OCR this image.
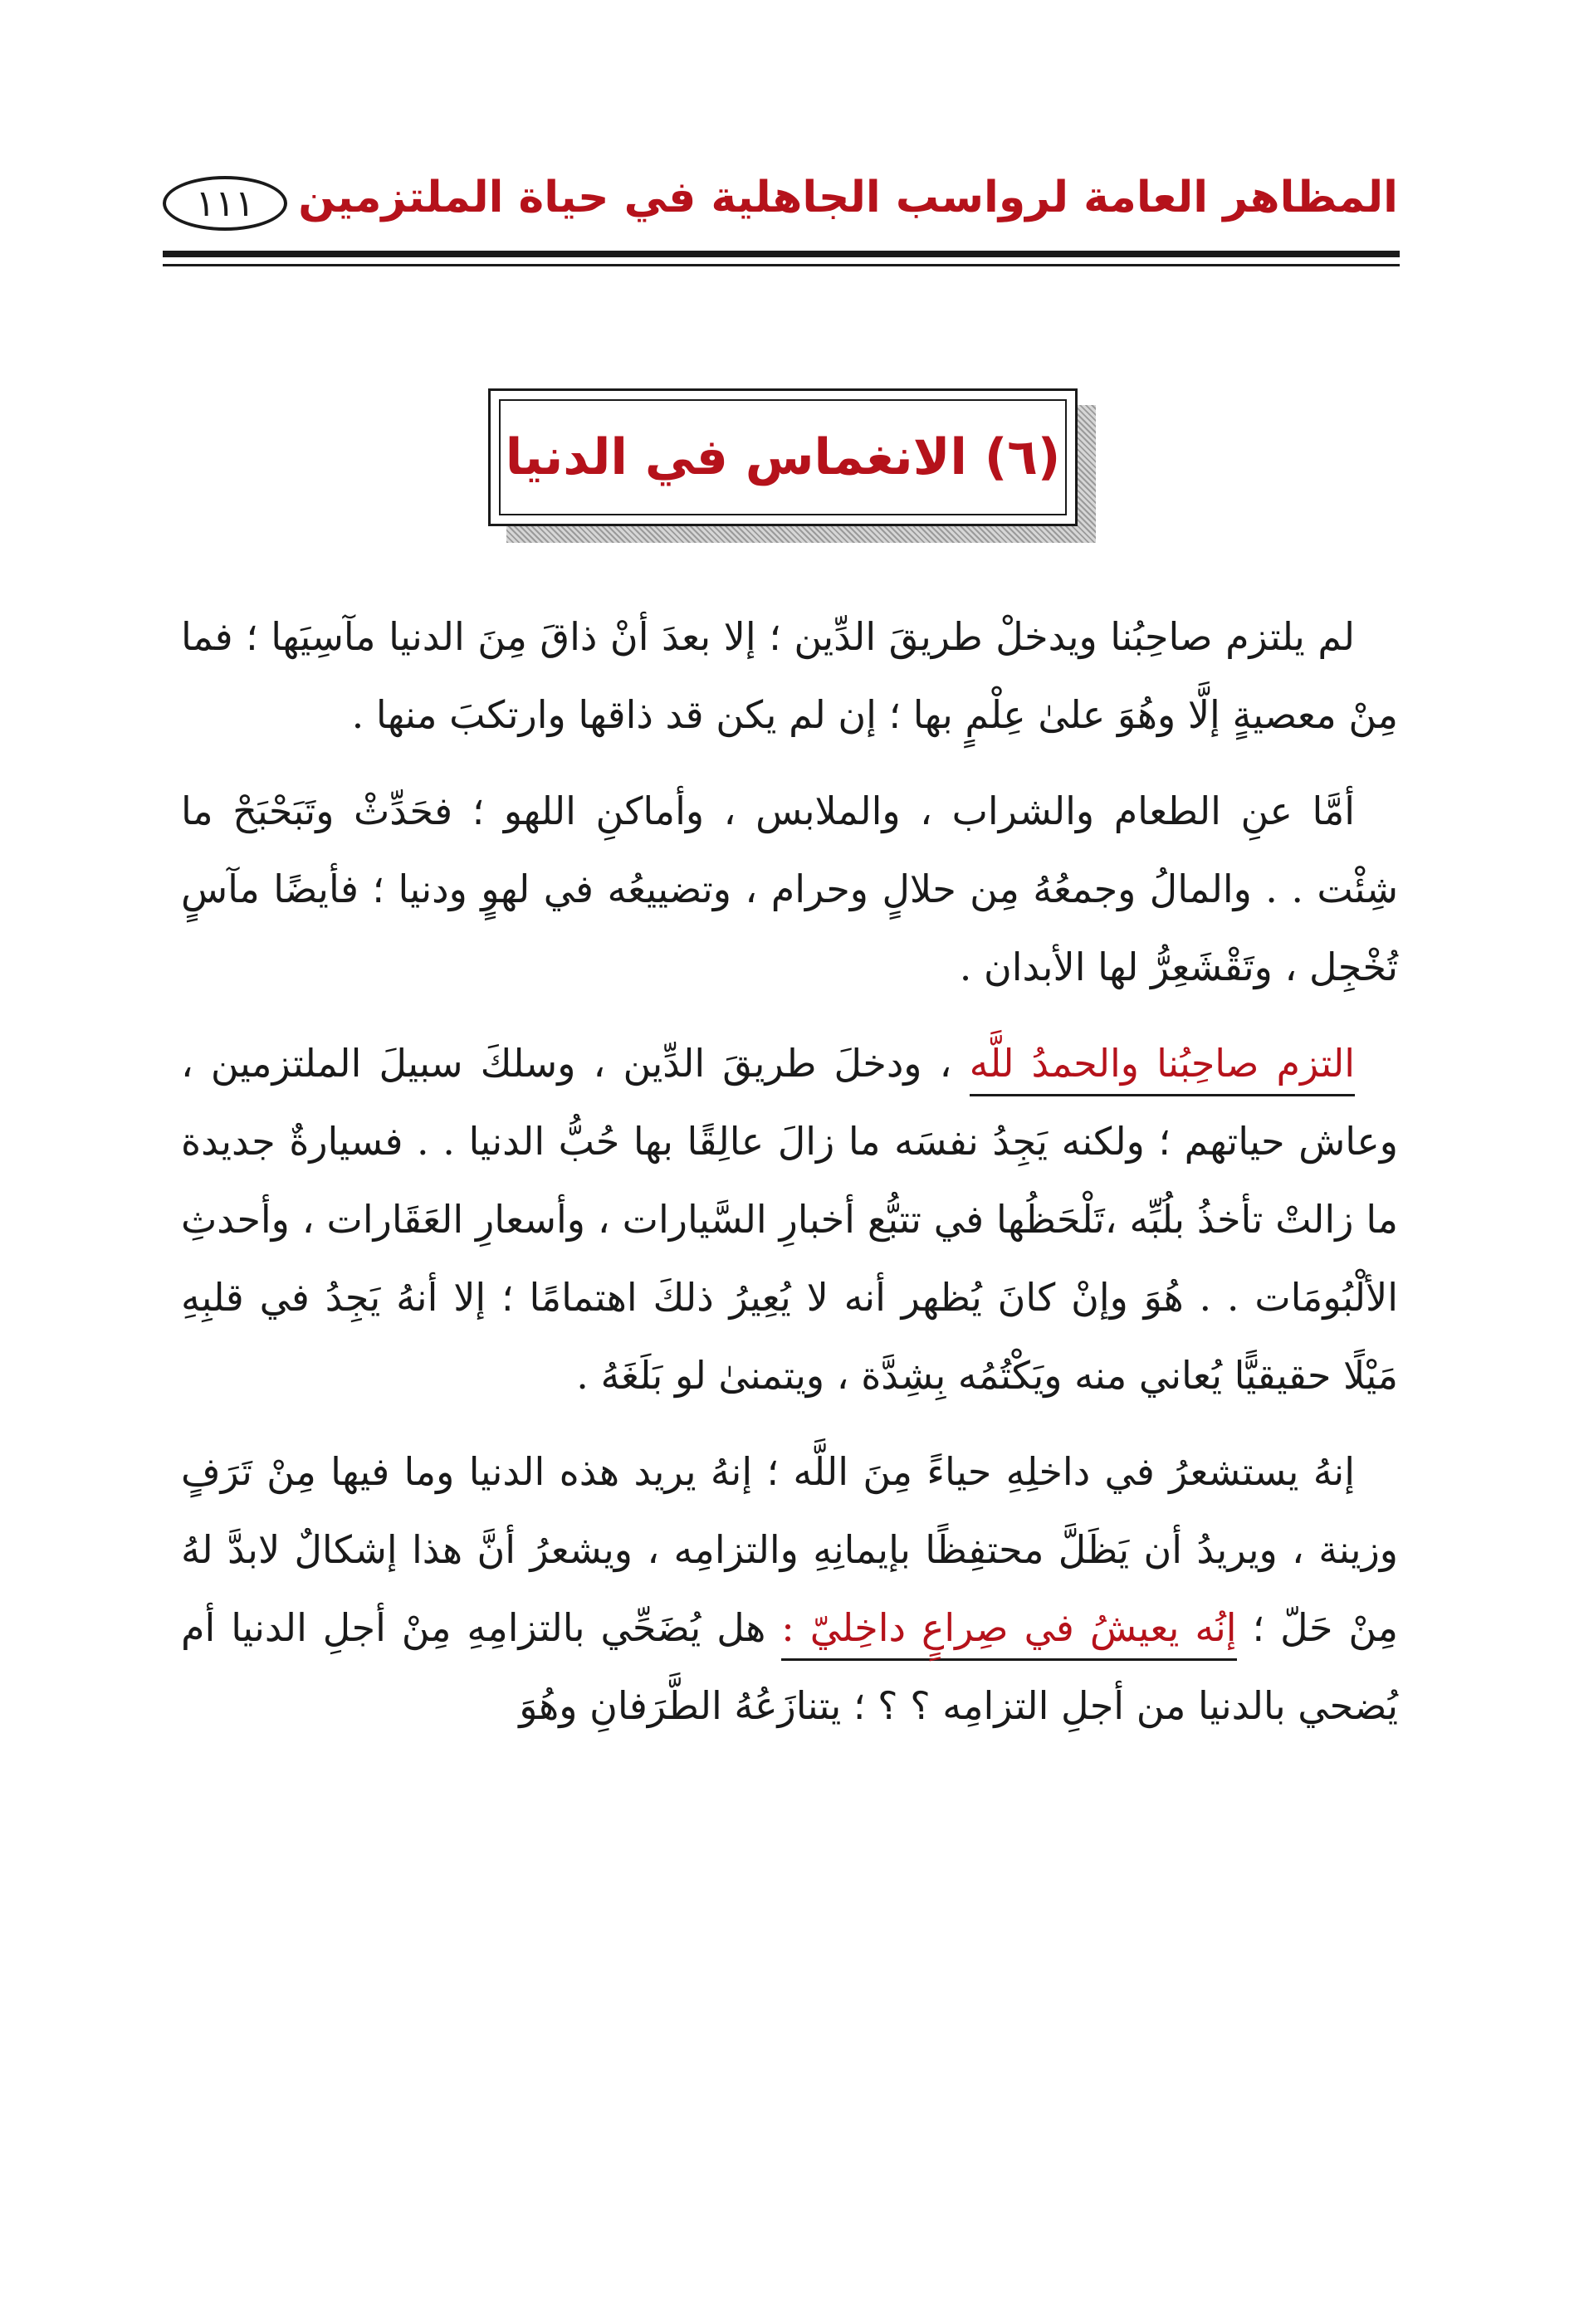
المظاهر العامة لرواسب الجاهلية في حياة الملتزمين
١١١
(٦) الانغماس في الدنيا

لم يلتزم صاحِبُنا ويدخلْ طريقَ الدِّين ؛ إلا بعدَ أنْ ذاقَ مِنَ الدنيا مآسِيَها ؛ فما مِنْ معصيةٍ إلَّا وهُوَ علىٰ عِلْمٍ بها ؛ إن لم يكن قد ذاقها وارتكبَ منها .

أمَّا عنِ الطعام والشراب ، والملابس ، وأماكنِ اللهو ؛ فحَدِّثْ وتَبَحْبَحْ ما شِئْت . . والمالُ وجمعُهُ مِن حلالٍ وحرام ، وتضييعُه في لهوٍ ودنيا ؛ فأيضًا مآسٍ تُخْجِل ، وتَقْشَعِرُّ لها الأبدان .

التزم صاحِبُنا والحمدُ للَّه ، ودخلَ طريقَ الدِّين ، وسلكَ سبيلَ الملتزمين ، وعاش حياتهم ؛ ولكنه يَجِدُ نفسَه ما زالَ عالِقًا بها حُبُّ الدنيا . . فسيارةٌ جديدة ما زالتْ تأخذُ بلُبِّه ،تَلْحَظُها في تتبُّع أخبارِ السَّيارات ، وأسعارِ العَقَارات ، وأحدثِ الألْبُومَات . . هُوَ وإنْ كانَ يُظهر أنه لا يُعِيرُ ذلكَ اهتمامًا ؛ إلا أنهُ يَجِدُ في قلبِهِ مَيْلًا حقيقيًّا يُعاني منه ويَكْتُمُه بِشِدَّة ، ويتمنىٰ لو بَلَغَهُ .

إنهُ يستشعرُ في داخلِهِ حياءً مِنَ اللَّه ؛ إنهُ يريد هذه الدنيا وما فيها مِنْ تَرَفٍ وزينة ، ويريدُ أن يَظَلَّ محتفِظًا بإيمانِهِ والتزامِه ، ويشعرُ أنَّ هذا إشكالٌ لابدَّ لهُ مِنْ حَلّ ؛ إنُه يعيشُ في صِراعٍ داخِليّ : هل يُضَحِّي بالتزامِهِ مِنْ أجلِ الدنيا أم يُضحي بالدنيا من أجلِ التزامِه ؟ ؟ ؛ يتنازَعُهُ الطَّرَفانِ وهُوَ
